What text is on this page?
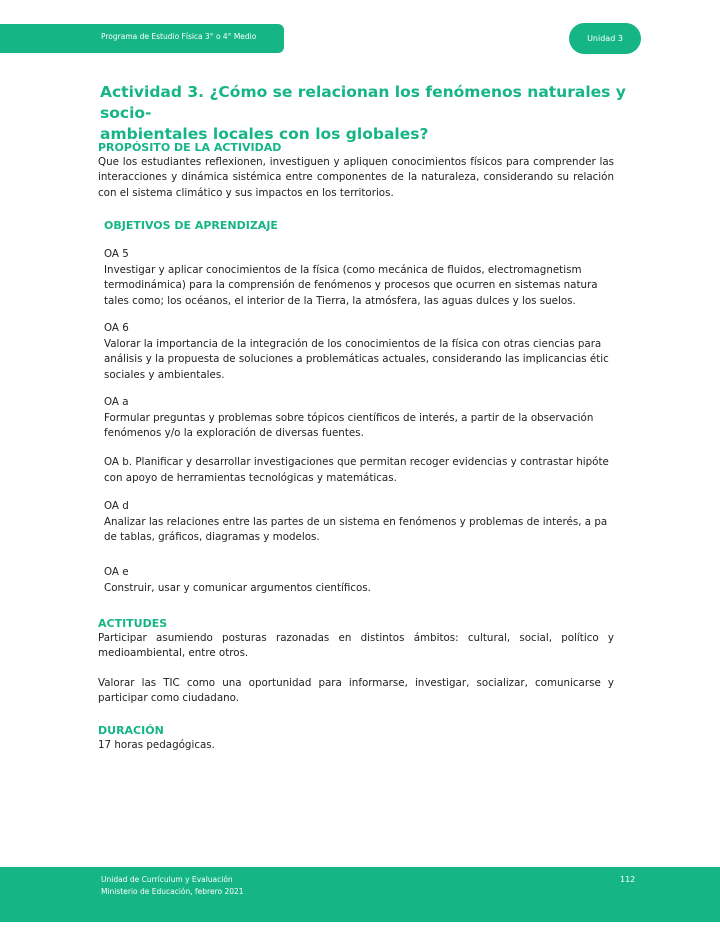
Programa de Estudio Física 3° o 4° Medio	Unidad 3
Actividad 3. ¿Cómo se relacionan los fenómenos naturales y socio-
ambientales locales con los globales?
PROPÓSITO DE LA ACTIVIDAD

Que los estudiantes reflexionen, investiguen y apliquen conocimientos físicos para comprender las interacciones y dinámica sistémica entre componentes de la naturaleza, considerando su relación con el sistema climático y sus impactos en los territorios.

OBJETIVOS DE APRENDIZAJE

OA 5

Investigar y aplicar conocimientos de la física (como mecánica de fluidos, electromagnetism

termodinámica) para la comprensión de fenómenos y procesos que ocurren en sistemas natura

tales como; los océanos, el interior de la Tierra, la atmósfera, las aguas dulces y los suelos.

OA 6

Valorar la importancia de la integración de los conocimientos de la física con otras ciencias para

análisis y la propuesta de soluciones a problemáticas actuales, considerando las implicancias étic

sociales y ambientales.

OA a

Formular preguntas y problemas sobre tópicos científicos de interés, a partir de la observación

fenómenos y/o la exploración de diversas fuentes.

OA b. Planificar y desarrollar investigaciones que permitan recoger evidencias y contrastar hipóte

con apoyo de herramientas tecnológicas y matemáticas.

OA d

Analizar las relaciones entre las partes de un sistema en fenómenos y problemas de interés, a pa

de tablas, gráficos, diagramas y modelos.

OA e

Construir, usar y comunicar argumentos científicos.

ACTITUDES

Participar asumiendo posturas razonadas en distintos ámbitos: cultural, social, político y medioambiental, entre otros.

Valorar las TIC como una oportunidad para informarse, investigar, socializar, comunicarse y participar como ciudadano.

DURACIÓN

17 horas pedagógicas.

Unidad de Currículum y Evaluación
Ministerio de Educación, febrero 2021
112
